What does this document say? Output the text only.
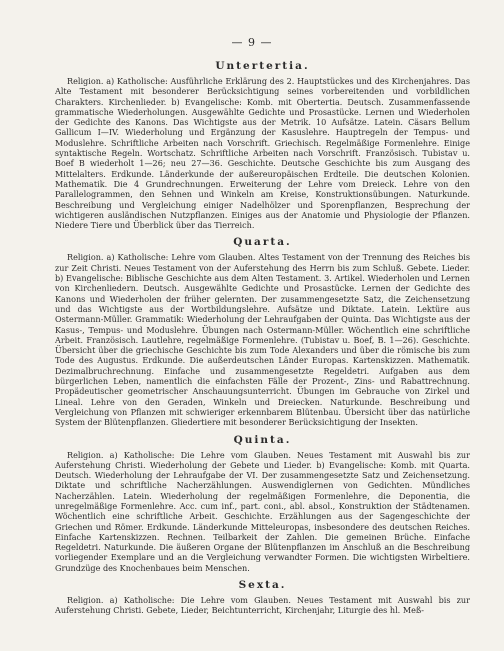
— 9 —
Untertertia.

Religion. a) Katholische: Ausführliche Erklärung des 2. Hauptstückes und des Kirchenjahres. Das Alte Testament mit besonderer Berücksichtigung seines vorbereitenden und vorbildlichen Charakters. Kirchenlieder. b) Evangelische: Komb. mit Obertertia. Deutsch. Zusammenfassende grammatische Wiederholungen. Ausgewählte Gedichte und Prosastücke. Lernen und Wiederholen der Gedichte des Kanons. Das Wichtigste aus der Metrik. 10 Aufsätze. Latein. Cäsars Bellum Gallicum I—IV. Wiederholung und Ergänzung der Kasuslehre. Hauptregeln der Tempus- und Moduslehre. Schriftliche Arbeiten nach Vorschrift. Griechisch. Regelmäßige Formenlehre. Einige syntaktische Regeln. Wortschatz. Schriftliche Arbeiten nach Vorschrift. Französisch. Tubistav u. Boef B wiederholt 1—26; neu 27—36. Geschichte. Deutsche Geschichte bis zum Ausgang des Mittelalters. Erdkunde. Länderkunde der außereuropäischen Erdteile. Die deutschen Kolonien. Mathematik. Die 4 Grundrechnungen. Erweiterung der Lehre vom Dreieck. Lehre von den Parallelogrammen, den Sehnen und Winkeln am Kreise, Konstruktionsübungen. Naturkunde. Beschreibung und Vergleichung einiger Nadelhölzer und Sporenpflanzen, Besprechung der wichtigeren ausländischen Nutzpflanzen. Einiges aus der Anatomie und Physiologie der Pflanzen. Niedere Tiere und Überblick über das Tierreich.

Quarta.

Religion. a) Katholische: Lehre vom Glauben. Altes Testament von der Trennung des Reiches bis zur Zeit Christi. Neues Testament von der Auferstehung des Herrn bis zum Schluß. Gebete. Lieder. b) Evangelische: Biblische Geschichte aus dem Alten Testament. 3. Artikel. Wiederholen und Lernen von Kirchenliedern. Deutsch. Ausgewählte Gedichte und Prosastücke. Lernen der Gedichte des Kanons und Wiederholen der früher gelernten. Der zusammengesetzte Satz, die Zeichensetzung und das Wichtigste aus der Wortbildungslehre. Aufsätze und Diktate. Latein. Lektüre aus Ostermann-Müller. Grammatik: Wiederholung der Lehraufgaben der Quinta. Das Wichtigste aus der Kasus-, Tempus- und Moduslehre. Übungen nach Ostermann-Müller. Wöchentlich eine schriftliche Arbeit. Französisch. Lautlehre, regelmäßige Formenlehre. (Tubistav u. Boef, B. 1—26). Geschichte. Übersicht über die griechische Geschichte bis zum Tode Alexanders und über die römische bis zum Tode des Augustus. Erdkunde. Die außerdeutschen Länder Europas. Kartenskizzen. Mathematik. Dezimalbruchrechnung. Einfache und zusammengesetzte Regeldetri. Aufgaben aus dem bürgerlichen Leben, namentlich die einfachsten Fälle der Prozent-, Zins- und Rabattrechnung. Propädeutischer geometrischer Anschauungsunterricht. Übungen im Gebrauche von Zirkel und Lineal. Lehre von den Geraden, Winkeln und Dreiecken. Naturkunde. Beschreibung und Vergleichung von Pflanzen mit schwieriger erkennbarem Blütenbau. Übersicht über das natürliche System der Blütenpflanzen. Gliedertiere mit besonderer Berücksichtigung der Insekten.

Quinta.

Religion. a) Katholische: Die Lehre vom Glauben. Neues Testament mit Auswahl bis zur Auferstehung Christi. Wiederholung der Gebete und Lieder. b) Evangelische: Komb. mit Quarta. Deutsch. Wiederholung der Lehraufgabe der VI. Der zusammengesetzte Satz und Zeichensetzung. Diktate und schriftliche Nacherzählungen. Auswendiglernen von Gedichten. Mündliches Nacherzählen. Latein. Wiederholung der regelmäßigen Formenlehre, die Deponentia, die unregelmäßige Formenlehre. Acc. cum inf., part. coni., abl. absol., Konstruktion der Städtenamen. Wöchentlich eine schriftliche Arbeit. Geschichte. Erzählungen aus der Sagengeschichte der Griechen und Römer. Erdkunde. Länderkunde Mitteleuropas, insbesondere des deutschen Reiches. Einfache Kartenskizzen. Rechnen. Teilbarkeit der Zahlen. Die gemeinen Brüche. Einfache Regeldetri. Naturkunde. Die äußeren Organe der Blütenpflanzen im Anschluß an die Beschreibung vorliegender Exemplare und an die Vergleichung verwandter Formen. Die wichtigsten Wirbeltiere. Grundzüge des Knochenbaues beim Menschen.

Sexta.

Religion. a) Katholische: Die Lehre vom Glauben. Neues Testament mit Auswahl bis zur Auferstehung Christi. Gebete, Lieder, Beichtunterricht, Kirchenjahr, Liturgie des hl. Meß-
